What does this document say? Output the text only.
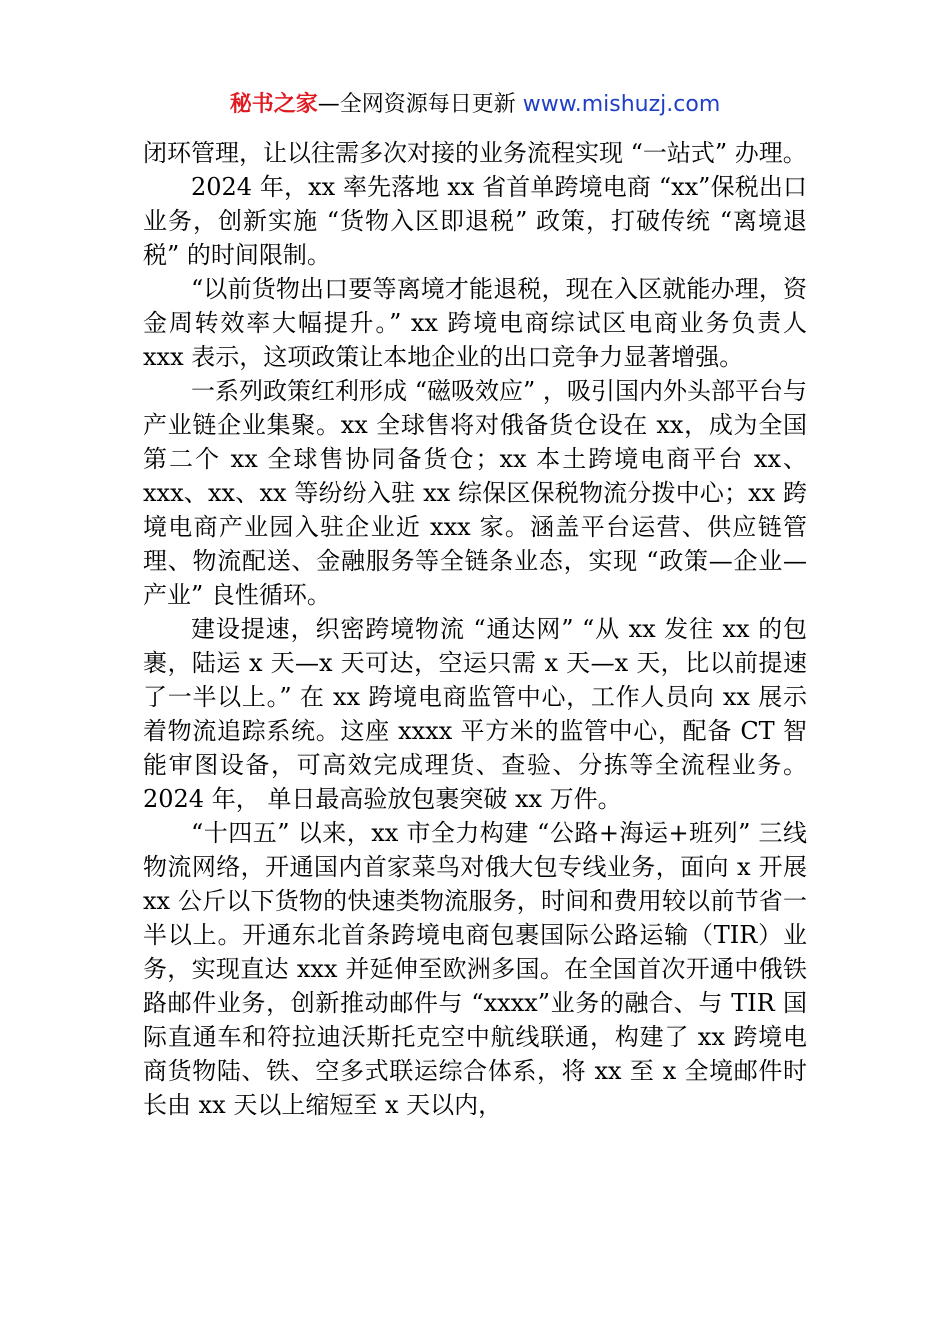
秘书之家—全网资源每日更新 www.mishuzj.com

闭环管理，让以往需多次对接的业务流程实现 “一站式” 办理。

2024 年，xx 率先落地 xx 省首单跨境电商 “xx”保税出口业务，创新实施 “货物入区即退税” 政策，打破传统 “离境退税” 的时间限制。

“以前货物出口要等离境才能退税，现在入区就能办理，资金周转效率大幅提升。” xx 跨境电商综试区电商业务负责人 xxx 表示，这项政策让本地企业的出口竞争力显著增强。

一系列政策红利形成 “磁吸效应” ，吸引国内外头部平台与产业链企业集聚。xx 全球售将对俄备货仓设在 xx，成为全国第二个 xx 全球售协同备货仓；xx 本土跨境电商平台 xx、xxx、xx、xx 等纷纷入驻 xx 综保区保税物流分拨中心；xx 跨境电商产业园入驻企业近 xxx 家。涵盖平台运营、供应链管理、物流配送、金融服务等全链条业态，实现 “政策—企业—产业” 良性循环。

建设提速，织密跨境物流 “通达网” “从 xx 发往 xx 的包裹，陆运 x 天—x 天可达，空运只需 x 天—x 天，比以前提速了一半以上。” 在 xx 跨境电商监管中心，工作人员向 xx 展示着物流追踪系统。这座 xxxx 平方米的监管中心，配备 CT 智能审图设备，可高效完成理货、查验、分拣等全流程业务。2024 年， 单日最高验放包裹突破 xx 万件。

“十四五” 以来，xx 市全力构建 “公路+海运+班列” 三线物流网络，开通国内首家菜鸟对俄大包专线业务，面向 x 开展 xx 公斤以下货物的快速类物流服务，时间和费用较以前节省一半以上。开通东北首条跨境电商包裹国际公路运输（TIR）业务，实现直达 xxx 并延伸至欧洲多国。在全国首次开通中俄铁路邮件业务，创新推动邮件与 “xxxx”业务的融合、与 TIR 国际直通车和符拉迪沃斯托克空中航线联通，构建了 xx 跨境电商货物陆、铁、空多式联运综合体系，将 xx 至 x 全境邮件时长由 xx 天以上缩短至 x 天以内，
